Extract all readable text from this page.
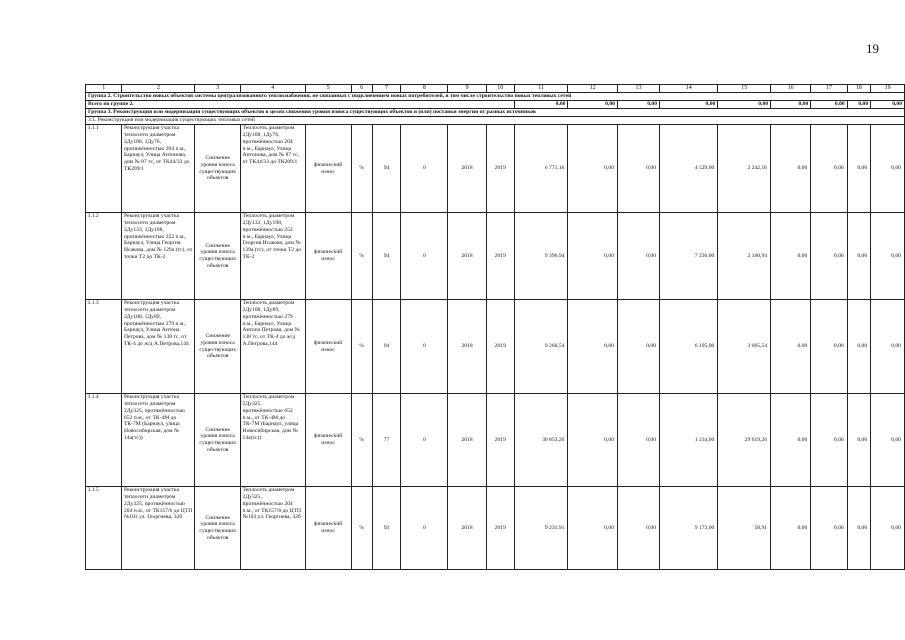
19
1	2	3	4	5	6	7	8	9	10	11	12	13	14	15	16	17	18	19
Группа 2. Строительство новых объектов системы централизованного теплоснабжения, не связанных с подключением новых потребителей, в том числе строительство новых тепловых сетей																		
Всего по группе 2.										0,00	0,00	0,00	0,00	0,00	0,00	0,00	0,00	0,00
Группа 3. Реконструкция или модернизация существующих объектов в целях снижения уровня износа существующих объектов и (или) поставки энергии от разных источников																		
3.1. Реконструкция или модернизация существующих тепловых сетей																		
3.1.1	Реконструкция участка теплосети диаметром 2Ду108, 1Ду76, протяжённостью 204 п.м., Барнаул, Улица Антонова, дом № 87 тс, от ТК44/33 до ТК209/1	Снижение уровня износа существующих объектов	Теплосеть диаметром 2Ду108, 1Ду76, протяжённостью 204 п.м., Барнаул, Улица Антонова, дом № 87 тс, от ТК44/33 до ТК209/1	физический износ	%	94	0	2018	2019	6 771,16	0,00	0,00	4 529,00	2 242,16	0,00	0,00	0,00	0,00
3.1.2	Реконструкция участка теплосети диаметром 2Ду133, 1Ду108, протяжённостью 252 п.м., Барнаул, Улица Георгия Исакова, дом № 129а (тс), от точки Т2 до ТК-2	Снижение уровня износа существующих объектов	Теплосеть диаметром 2Ду133, 1Ду108, протяжённостью 252 п.м., Барнаул, Улица Георгия Исакова, дом № 129а (тс), от точки Т2 до ТК-2	физический износ	%	94	0	2018	2019	9 396,94	0,00	0,00	7 236,00	2 160,94	0,00	0,00	0,00	0,00
3.1.3	Реконструкция участка теплосети диаметром 2Ду108, 1Ду89, протяжённостью 279 п.м., Барнаул, Улица Антона Петрова, дом № 138 тс, от ТК-4 до ж/д А.Петрова,144	Снижение уровня износа существующих объектов	Теплосеть диаметром 2Ду108, 1Ду89, протяжённостью 279 п.м., Барнаул, Улица Антона Петрова, дом № 138 тс, от ТК-4 до ж/д А.Петрова,144	физический износ	%	94	0	2018	2019	9 260,54	0,00	0,00	6 195,00	3 065,54	0,00	0,00	0,00	0,00
3.1.4	Реконструкция участка теплосети диаметром 2Ду325, протяжённостью 652 п.м., от ТК-4М до ТК-7М (Барнаул, улица Новосибирская, дом № 14а(тс))	Снижение уровня износа существующих объектов	Теплосеть диаметром 2Ду325, протяжённостью 652 п.м., от ТК-4М до ТК-7М (Барнаул, улица Новосибирская, дом № 14а(тс))	физический износ	%	77	0	2018	2019	30 853,26	0,00	0,00	1 234,00	29 619,26	0,00	0,00	0,00	0,00
3.1.5	Реконструкция участка теплосети диаметром 2Ду325, протяжённостью 204 п.м., от ТК157/6 до ЦТП №103 ул. Георгиева, 32б	Снижение уровня износа существующих объектов	Теплосеть диаметром 2Ду325, протяжённостью 204 п.м., от ТК157/6 до ЦТП №103 ул. Георгиева, 32б	физический износ	%	93	0	2018	2019	9 231,91	0,00	0,00	9 173,00	58,91	0,00	0,00	0,00	0,00
